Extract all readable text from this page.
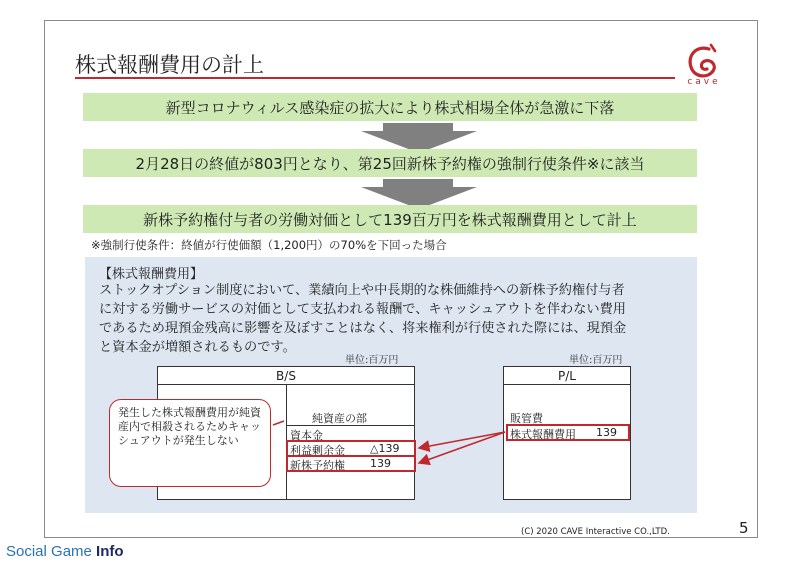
株式報酬費用の計上
cave
新型コロナウィルス感染症の拡大により株式相場全体が急激に下落
2月28日の終値が803円となり、第25回新株予約権の強制行使条件※に該当
新株予約権付与者の労働対価として139百万円を株式報酬費用として計上
※強制行使条件：終値が行使価額（1,200円）の70%を下回った場合
【株式報酬費用】
ストックオプション制度において、業績向上や中長期的な株価維持への新株予約権付与者
に対する労働サービスの対価として支払われる報酬で、キャッシュアウトを伴わない費用
であるため現預金残高に影響を及ぼすことはなく、将来権利が行使された際には、現預金
と資本金が増額されるものです。
単位:百万円
B/S
純資産の部
資本金
利益剰余金 △139
新株予約権 139
単位:百万円
P/L
販管費
株式報酬費用 139
発生した株式報酬費用が純資産内で相殺されるためキャッシュアウトが発生しない
(C) 2020 CAVE Interactive CO.,LTD.	5
Social Game Info
